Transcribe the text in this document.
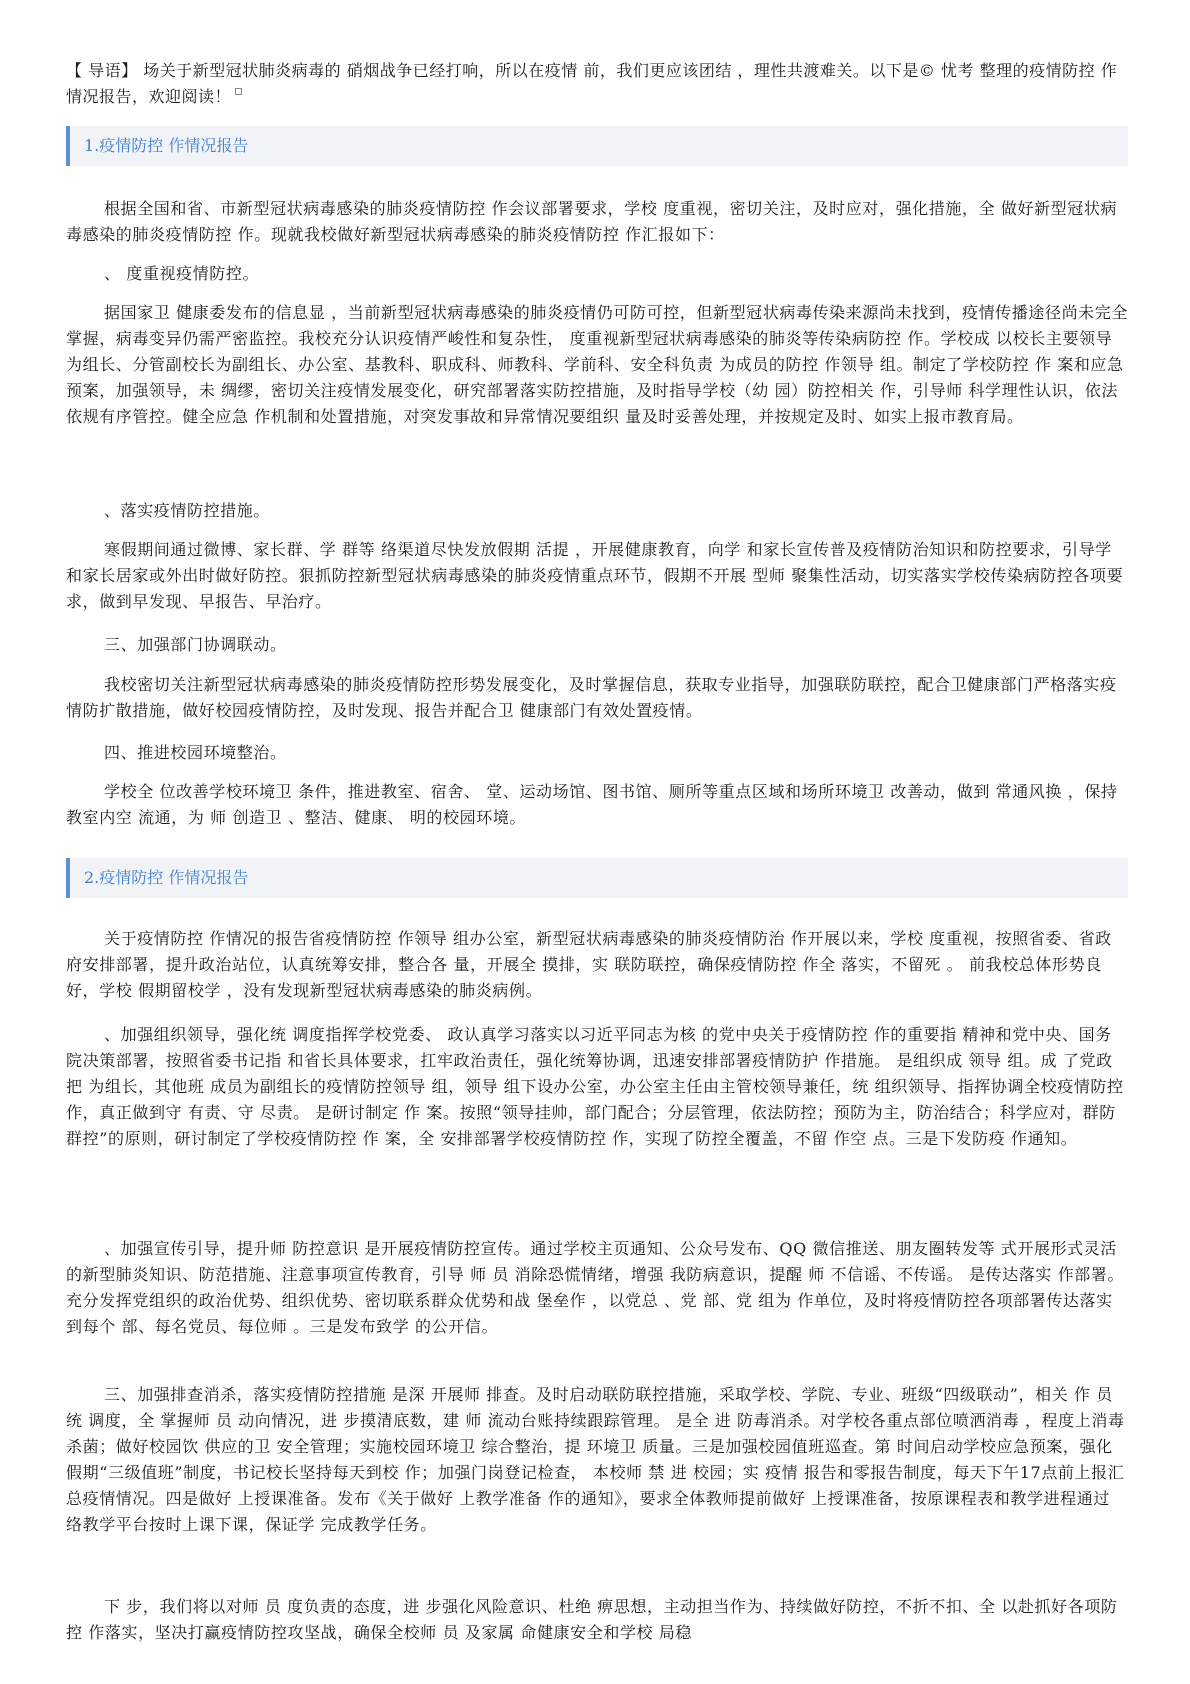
【 导语】 场关于新型冠状肺炎病毒的 硝烟战争已经打响，所以在疫情 前，我们更应该团结 ，理性共渡难关。以下是© 忧考 整理的疫情防控 作情况报告，欢迎阅读！
1.疫情防控 作情况报告

根据全国和省、市新型冠状病毒感染的肺炎疫情防控 作会议部署要求，学校 度重视，密切关注，及时应对，强化措施，全 做好新型冠状病毒感染的肺炎疫情防控 作。现就我校做好新型冠状病毒感染的肺炎疫情防控 作汇报如下：

、 度重视疫情防控。

据国家卫 健康委发布的信息显 ，当前新型冠状病毒感染的肺炎疫情仍可防可控，但新型冠状病毒传染来源尚未找到，疫情传播途径尚未完全掌握，病毒变异仍需严密监控。我校充分认识疫情严峻性和复杂性， 度重视新型冠状病毒感染的肺炎等传染病防控 作。学校成 以校长主要领导为组长、分管副校长为副组长、办公室、基教科、职成科、师教科、学前科、安全科负责 为成员的防控 作领导 组。制定了学校防控 作 案和应急预案，加强领导，未 绸缪，密切关注疫情发展变化，研究部署落实防控措施，及时指导学校（幼 园）防控相关 作，引导师 科学理性认识，依法依规有序管控。健全应急 作机制和处置措施，对突发事故和异常情况要组织 量及时妥善处理，并按规定及时、如实上报市教育局。

、落实疫情防控措施。

寒假期间通过微博、家长群、学 群等 络渠道尽快发放假期 活提 ，开展健康教育，向学 和家长宣传普及疫情防治知识和防控要求，引导学 和家长居家或外出时做好防控。狠抓防控新型冠状病毒感染的肺炎疫情重点环节，假期不开展 型师 聚集性活动，切实落实学校传染病防控各项要求，做到早发现、早报告、早治疗。

三、加强部门协调联动。

我校密切关注新型冠状病毒感染的肺炎疫情防控形势发展变化，及时掌握信息，获取专业指导，加强联防联控，配合卫健康部门严格落实疫情防扩散措施，做好校园疫情防控，及时发现、报告并配合卫 健康部门有效处置疫情。

四、推进校园环境整治。

学校全 位改善学校环境卫 条件，推进教室、宿舍、 堂、运动场馆、图书馆、厕所等重点区域和场所环境卫 改善动，做到 常通风换 ，保持教室内空 流通，为 师 创造卫 、整洁、健康、 明的校园环境。

2.疫情防控 作情况报告

关于疫情防控 作情况的报告省疫情防控 作领导 组办公室，新型冠状病毒感染的肺炎疫情防治 作开展以来，学校 度重视，按照省委、省政府安排部署，提升政治站位，认真统筹安排，整合各 量，开展全 摸排，实 联防联控，确保疫情防控 作全 落实，不留死 。 前我校总体形势良好，学校 假期留校学 ，没有发现新型冠状病毒感染的肺炎病例。

、加强组织领导，强化统 调度指挥学校党委、 政认真学习落实以习近平同志为核 的党中央关于疫情防控 作的重要指 精神和党中央、国务院决策部署，按照省委书记指 和省长具体要求，扛牢政治责任，强化统筹协调，迅速安排部署疫情防护 作措施。 是组织成 领导 组。成 了党政 把 为组长，其他班 成员为副组长的疫情防控领导 组，领导 组下设办公室，办公室主任由主管校领导兼任，统 组织领导、指挥协调全校疫情防控 作，真正做到守 有责、守 尽责。 是研讨制定 作 案。按照“领导挂帅，部门配合；分层管理，依法防控；预防为主，防治结合；科学应对，群防群控”的原则，研讨制定了学校疫情防控 作 案，全 安排部署学校疫情防控 作，实现了防控全覆盖，不留 作空 点。三是下发防疫 作通知。

、加强宣传引导，提升师 防控意识 是开展疫情防控宣传。通过学校主页通知、公众号发布、QQ 微信推送、朋友圈转发等 式开展形式灵活的新型肺炎知识、防范措施、注意事项宣传教育，引导 师 员 消除恐慌情绪，增强 我防病意识，提醒 师 不信谣、不传谣。 是传达落实 作部署。充分发挥党组织的政治优势、组织优势、密切联系群众优势和战 堡垒作 ，以党总 、党 部、党 组为 作单位，及时将疫情防控各项部署传达落实到每个 部、每名党员、每位师 。三是发布致学 的公开信。

三、加强排查消杀，落实疫情防控措施 是深 开展师 排查。及时启动联防联控措施，采取学校、学院、专业、班级“四级联动”，相关 作 员统 调度，全 掌握师 员 动向情况，进 步摸清底数，建 师 流动台账持续跟踪管理。 是全 进 防毒消杀。对学校各重点部位喷洒消毒 ，程度上消毒杀菌；做好校园饮 供应的卫 安全管理；实施校园环境卫 综合整治，提 环境卫 质量。三是加强校园值班巡查。第 时间启动学校应急预案，强化假期“三级值班”制度，书记校长坚持每天到校 作；加强门岗登记检查， 本校师 禁 进 校园；实 疫情 报告和零报告制度，每天下午17点前上报汇总疫情情况。四是做好 上授课准备。发布《关于做好 上教学准备 作的通知》，要求全体教师提前做好 上授课准备，按原课程表和教学进程通过 络教学平台按时上课下课，保证学 完成教学任务。

下 步，我们将以对师 员 度负责的态度，进 步强化风险意识、杜绝 痹思想，主动担当作为、持续做好防控，不折不扣、全 以赴抓好各项防控 作落实，坚决打赢疫情防控攻坚战，确保全校师 员 及家属 命健康安全和学校 局稳
